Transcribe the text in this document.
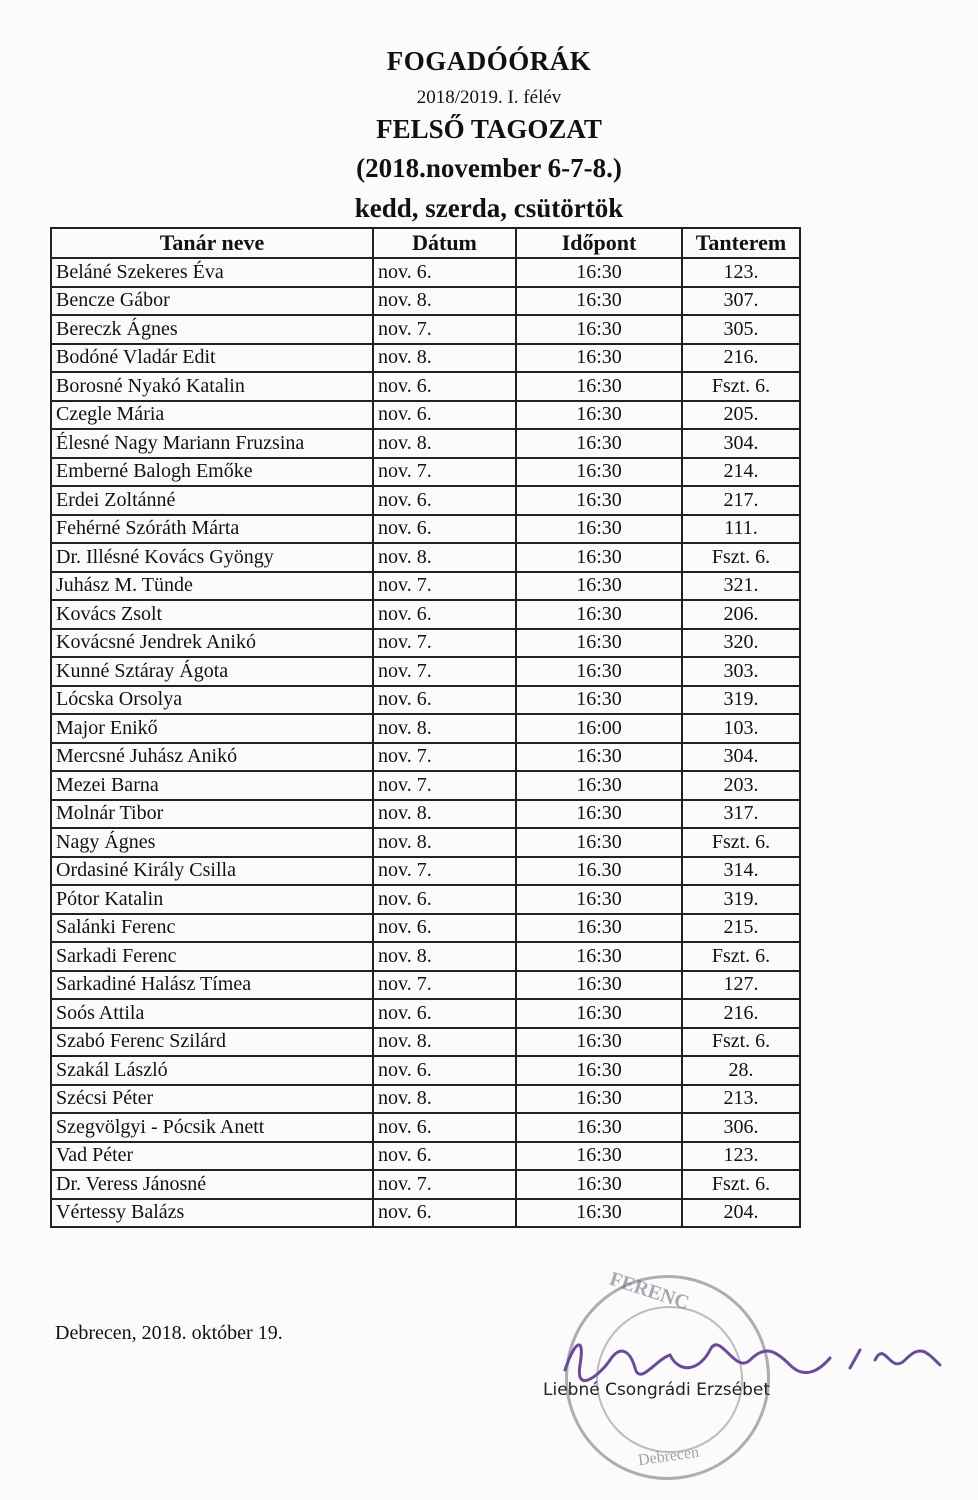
FOGADÓÓRÁK
2018/2019. I. félév
FELSŐ TAGOZAT
(2018.november 6-7-8.)
kedd, szerda, csütörtök
Tanár neve	Dátum	Időpont	Tanterem
Beláné Szekeres Éva	nov. 6.	16:30	123.
Bencze Gábor	nov. 8.	16:30	307.
Bereczk Ágnes	nov. 7.	16:30	305.
Bodóné Vladár Edit	nov. 8.	16:30	216.
Borosné Nyakó Katalin	nov. 6.	16:30	Fszt. 6.
Czegle Mária	nov. 6.	16:30	205.
Élesné Nagy Mariann Fruzsina	nov. 8.	16:30	304.
Emberné Balogh Emőke	nov. 7.	16:30	214.
Erdei Zoltánné	nov. 6.	16:30	217.
Fehérné Szóráth Márta	nov. 6.	16:30	111.
Dr. Illésné Kovács Gyöngy	nov. 8.	16:30	Fszt. 6.
Juhász M. Tünde	nov. 7.	16:30	321.
Kovács Zsolt	nov. 6.	16:30	206.
Kovácsné Jendrek Anikó	nov. 7.	16:30	320.
Kunné Sztáray Ágota	nov. 7.	16:30	303.
Lócska Orsolya	nov. 6.	16:30	319.
Major Enikő	nov. 8.	16:00	103.
Mercsné Juhász Anikó	nov. 7.	16:30	304.
Mezei Barna	nov. 7.	16:30	203.
Molnár Tibor	nov. 8.	16:30	317.
Nagy Ágnes	nov. 8.	16:30	Fszt. 6.
Ordasiné Király Csilla	nov. 7.	16.30	314.
Pótor Katalin	nov. 6.	16:30	319.
Salánki Ferenc	nov. 6.	16:30	215.
Sarkadi Ferenc	nov. 8.	16:30	Fszt. 6.
Sarkadiné Halász Tímea	nov. 7.	16:30	127.
Soós Attila	nov. 6.	16:30	216.
Szabó Ferenc Szilárd	nov. 8.	16:30	Fszt. 6.
Szakál László	nov. 6.	16:30	28.
Szécsi Péter	nov. 8.	16:30	213.
Szegvölgyi - Pócsik Anett	nov. 6.	16:30	306.
Vad Péter	nov. 6.	16:30	123.
Dr. Veress Jánosné	nov. 7.	16:30	Fszt. 6.
Vértessy Balázs	nov. 6.	16:30	204.
Debrecen, 2018. október 19.
FERENC
Debrecen
Liebné Csongrádi Erzsébet
